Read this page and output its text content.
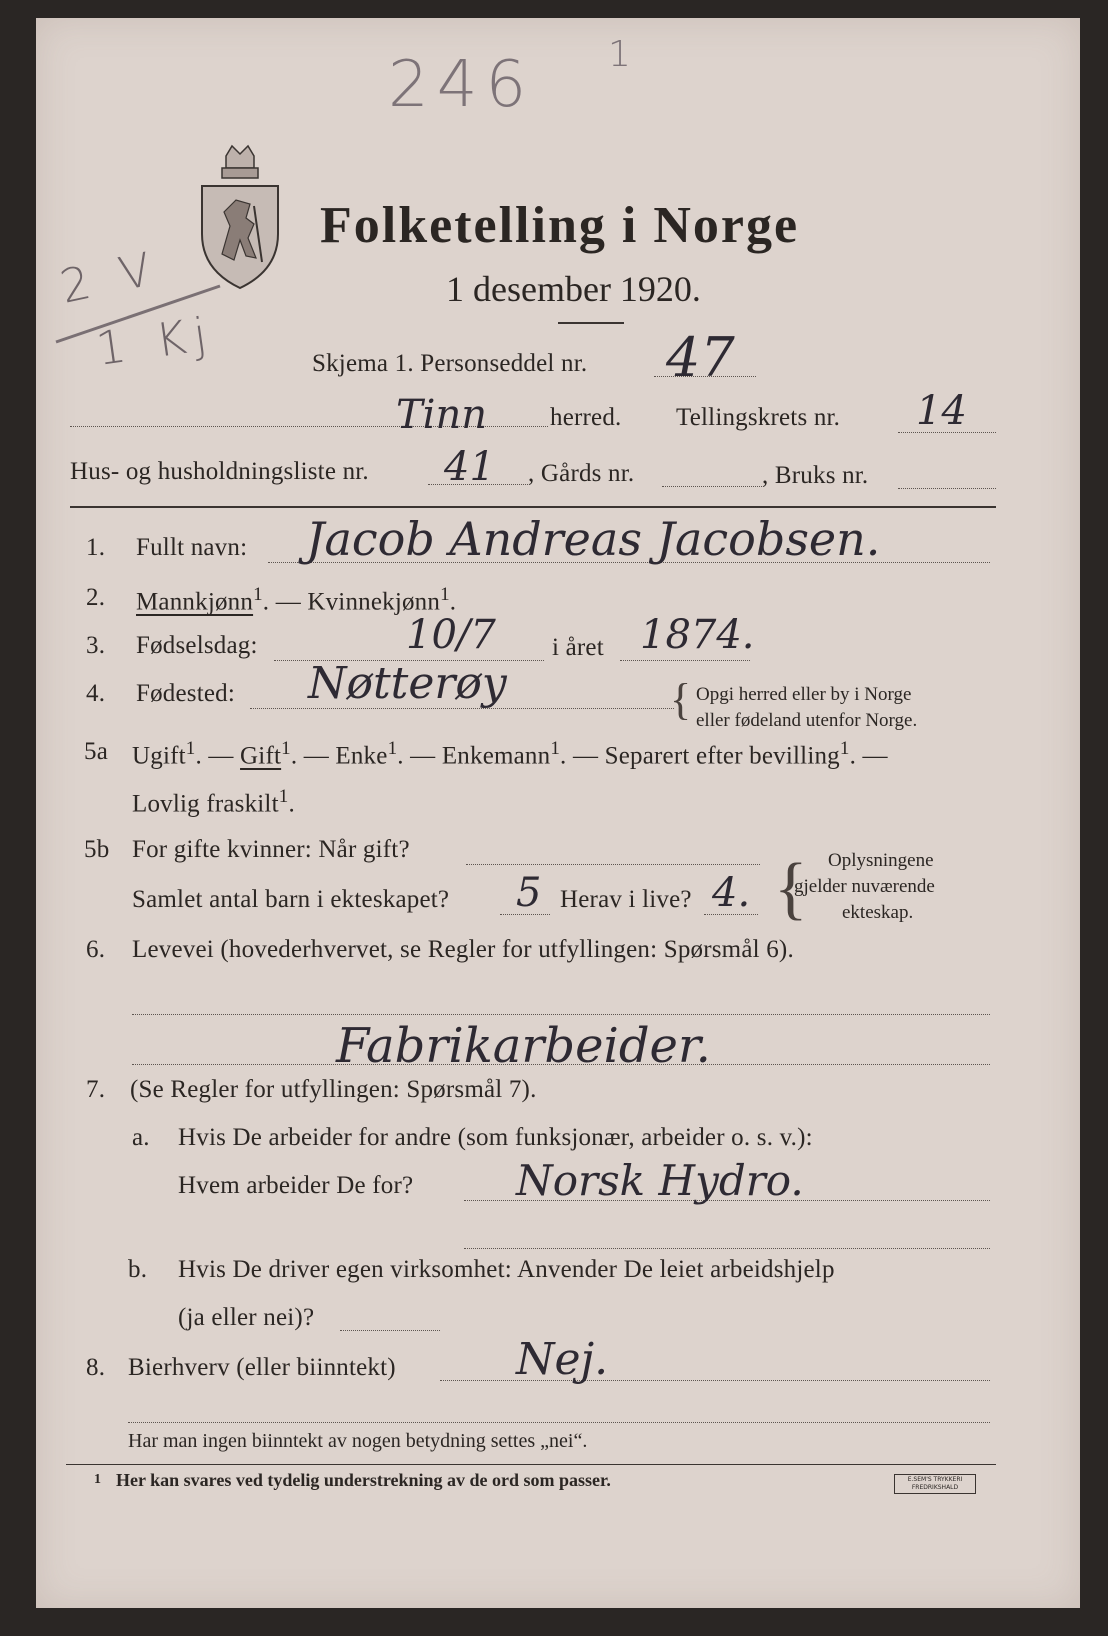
246 1
2 V
1 Kj
Folketelling i Norge
1 desember 1920.
Skjema 1. Personseddel nr. 47
Tinn	herred. Tellingskrets nr. 14
Hus- og husholdningsliste nr. 41 , Gårds nr.	, Bruks nr.
1. Fullt navn: Jacob Andreas Jacobsen.
2. Mannkjønn$^1$. — Kvinnekjønn$^1$.
3. Fødselsdag:	10/7 i året 1874.
4. Fødested: Nøtterøy	{ Opgi herred eller by i Norge
eller fødeland utenfor Norge.
5a Ugift$^1$. — Gift$^1$. — Enke$^1$. — Enkemann$^1$. — Separert efter bevilling$^1$. —
Lovlig fraskilt$^1$.
5b For gifte kvinner: Når gift?
Samlet antal barn i ekteskapet? 5 Herav i live? 4. { Oplysningene
gjelder nuværende
ekteskap.
6. Levevei (hovederhvervet, se Regler for utfyllingen: Spørsmål 6).
Fabrikarbeider.
7. (Se Regler for utfyllingen: Spørsmål 7).
a. Hvis De arbeider for andre (som funksjonær, arbeider o. s. v.):
Hvem arbeider De for? Norsk Hydro.
b. Hvis De driver egen virksomhet: Anvender De leiet arbeidshjelp
(ja eller nei)?
8. Bierhverv (eller biinntekt)	Nej.
Har man ingen biinntekt av nogen betydning settes „nei“.
1 Her kan svares ved tydelig understrekning av de ord som passer.	E.SEM'S TRYKKERI
FREDRIKSHALD
